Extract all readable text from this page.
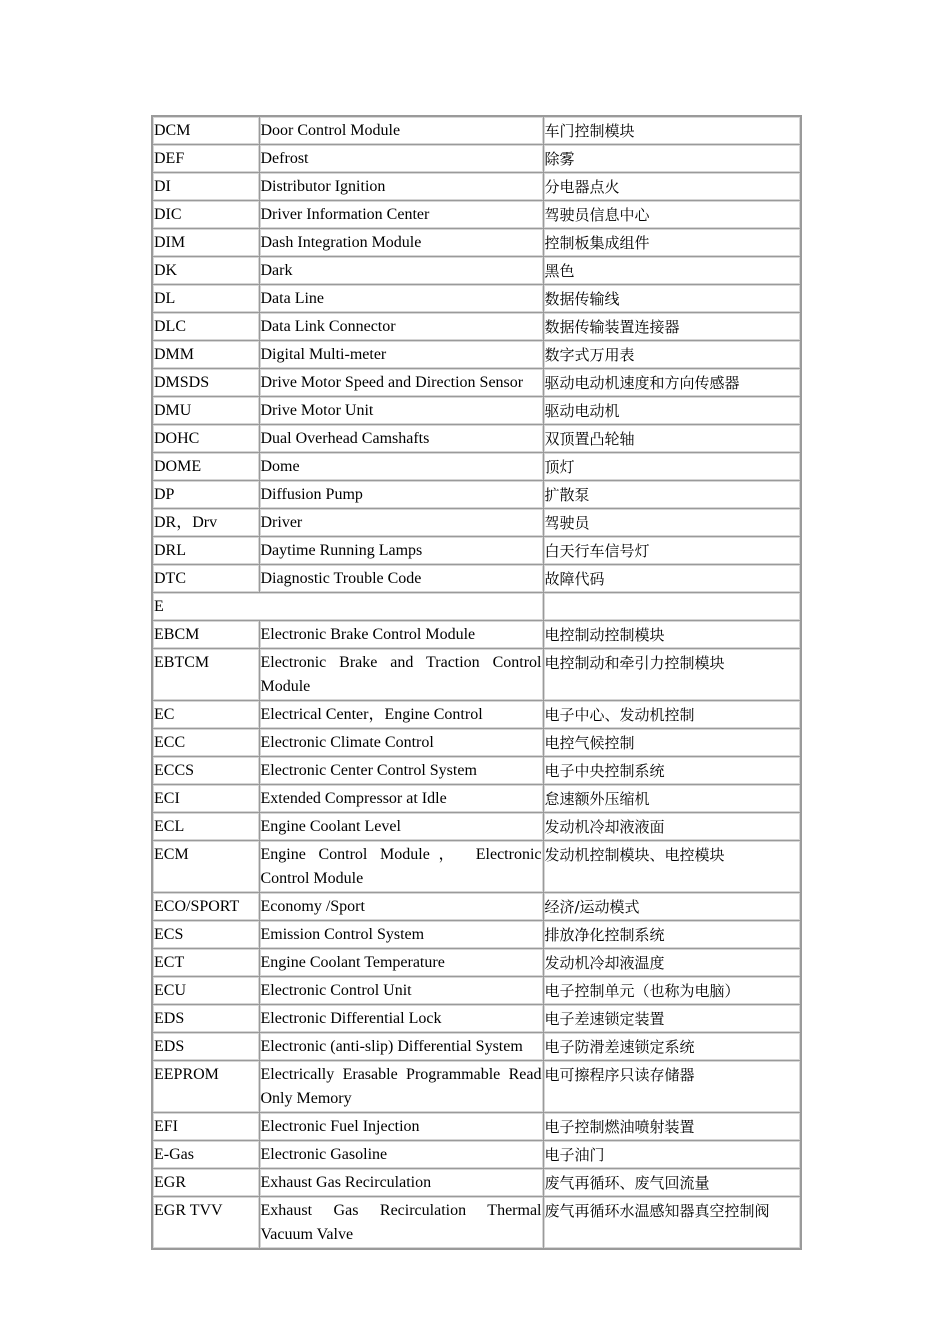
DCM	Door Control Module	车门控制模块
DEF	Defrost	除雾
DI	Distributor Ignition	分电器点火
DIC	Driver Information Center	驾驶员信息中心
DIM	Dash Integration Module	控制板集成组件
DK	Dark	黑色
DL	Data Line	数据传输线
DLC	Data Link Connector	数据传输装置连接器
DMM	Digital Multi-meter	数字式万用表
DMSDS	Drive Motor Speed and Direction Sensor	驱动电动机速度和方向传感器
DMU	Drive Motor Unit	驱动电动机
DOHC	Dual Overhead Camshafts	双顶置凸轮轴
DOME	Dome	顶灯
DP	Diffusion Pump	扩散泵
DR，Drv	Driver	驾驶员
DRL	Daytime Running Lamps	白天行车信号灯
DTC	Diagnostic Trouble Code	故障代码
E		
EBCM	Electronic Brake Control Module	电控制动控制模块
EBTCM	Electronic Brake and Traction Control Module	电控制动和牵引力控制模块
EC	Electrical Center，Engine Control	电子中心、发动机控制
ECC	Electronic Climate Control	电控气候控制
ECCS	Electronic Center Control System	电子中央控制系统
ECI	Extended Compressor at Idle	怠速额外压缩机
ECL	Engine Coolant Level	发动机冷却液液面
ECM	Engine Control Module， Electronic Control Module	发动机控制模块、电控模块
ECO/SPORT	Economy /Sport	经济/运动模式
ECS	Emission Control System	排放净化控制系统
ECT	Engine Coolant Temperature	发动机冷却液温度
ECU	Electronic Control Unit	电子控制单元（也称为电脑）
EDS	Electronic Differential Lock	电子差速锁定装置
EDS	Electronic (anti-slip) Differential System	电子防滑差速锁定系统
EEPROM	Electrically Erasable Programmable Read Only Memory	电可擦程序只读存储器
EFI	Electronic Fuel Injection	电子控制燃油喷射装置
E-Gas	Electronic Gasoline	电子油门
EGR	Exhaust Gas Recirculation	废气再循环、废气回流量
EGR TVV	Exhaust Gas Recirculation Thermal Vacuum Valve	废气再循环水温感知器真空控制阀
